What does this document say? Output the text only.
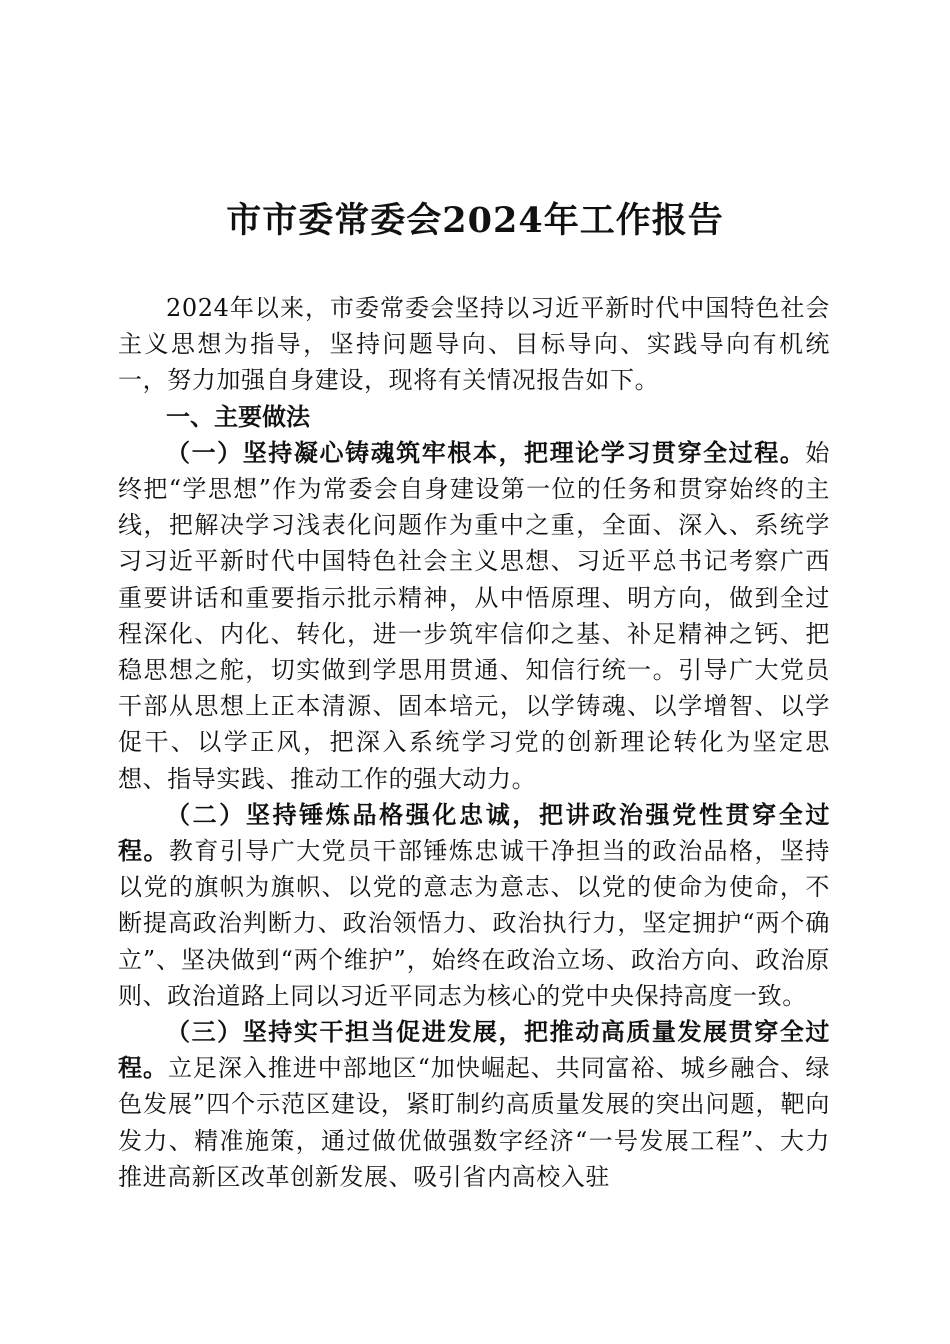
市市委常委会2024年工作报告

2024年以来，市委常委会坚持以习近平新时代中国特色社会主义思想为指导，坚持问题导向、目标导向、实践导向有机统一，努力加强自身建设，现将有关情况报告如下。

一、主要做法

（一）坚持凝心铸魂筑牢根本，把理论学习贯穿全过程。始终把“学思想”作为常委会自身建设第一位的任务和贯穿始终的主线，把解决学习浅表化问题作为重中之重，全面、深入、系统学习习近平新时代中国特色社会主义思想、习近平总书记考察广西重要讲话和重要指示批示精神，从中悟原理、明方向，做到全过程深化、内化、转化，进一步筑牢信仰之基、补足精神之钙、把稳思想之舵，切实做到学思用贯通、知信行统一。引导广大党员干部从思想上正本清源、固本培元，以学铸魂、以学增智、以学促干、以学正风，把深入系统学习党的创新理论转化为坚定思想、指导实践、推动工作的强大动力。

（二）坚持锤炼品格强化忠诚，把讲政治强党性贯穿全过程。教育引导广大党员干部锤炼忠诚干净担当的政治品格，坚持以党的旗帜为旗帜、以党的意志为意志、以党的使命为使命，不断提高政治判断力、政治领悟力、政治执行力，坚定拥护“两个确立”、坚决做到“两个维护”，始终在政治立场、政治方向、政治原则、政治道路上同以习近平同志为核心的党中央保持高度一致。

（三）坚持实干担当促进发展，把推动高质量发展贯穿全过程。立足深入推进中部地区“加快崛起、共同富裕、城乡融合、绿色发展”四个示范区建设，紧盯制约高质量发展的突出问题，靶向发力、精准施策，通过做优做强数字经济“一号发展工程”、大力推进高新区改革创新发展、吸引省内高校入驻
